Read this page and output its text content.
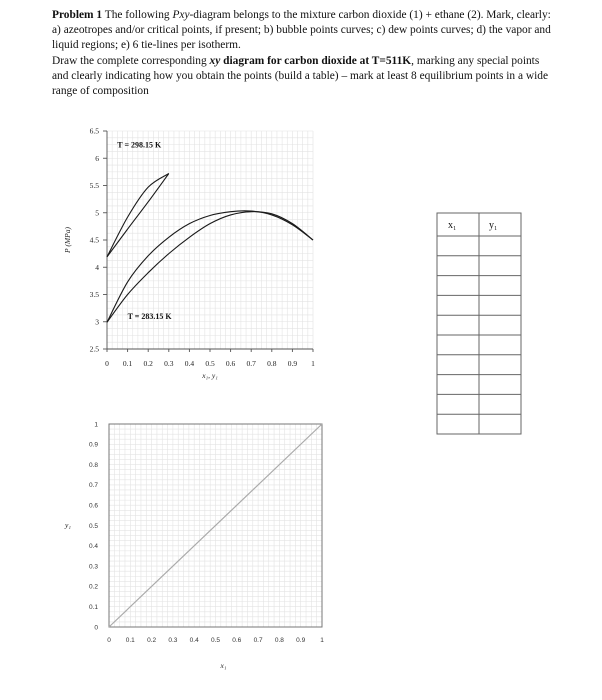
Problem 1 The following Pxy-diagram belongs to the mixture carbon dioxide (1) + ethane (2). Mark, clearly: a) azeotropes and/or critical points, if present; b) bubble points curves; c) dew points curves; d) the vapor and liquid regions; e) 6 tie-lines per isotherm.
Draw the complete corresponding xy diagram for carbon dioxide at T=511K, marking any special points and clearly indicating how you obtain the points (build a table) – mark at least 8 equilibrium points in a wide range of composition
2.5
3
3.5
4
4.5
5
5.5
6
6.5
0 0.1 0.2 0.3 0.4 0.5 0.6 0.7 0.8 0.9 1
x₁, y₁
P (MPa)
T = 298.15 K
T = 283.15 K
0
0.1
0.2
0.3
0.4
0.5
0.6
0.7
0.8
0.9
1
0 0.1 0.2 0.3 0.4 0.5 0.6 0.7 0.8 0.9 1
x₁
y₁
x₁	y₁
